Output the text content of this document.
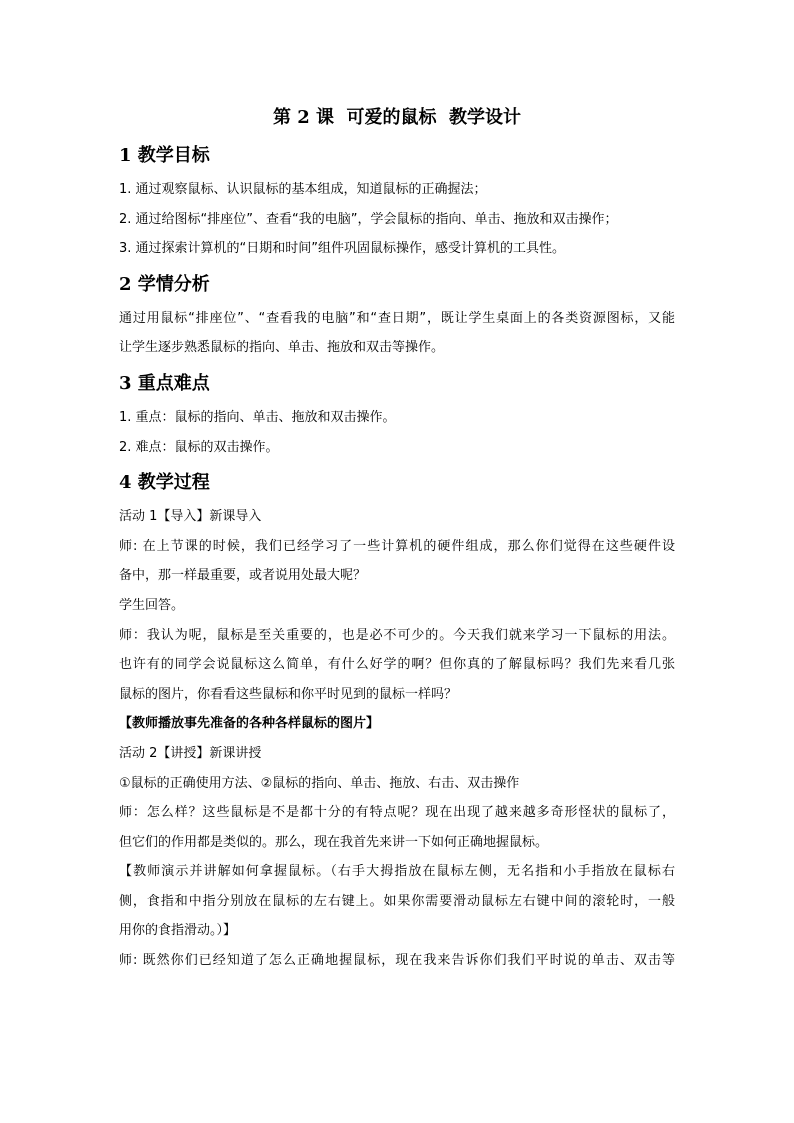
第 2 课  可爱的鼠标  教学设计
1 教学目标
1. 通过观察鼠标、认识鼠标的基本组成，知道鼠标的正确握法；
2. 通过给图标“排座位”、查看“我的电脑”，学会鼠标的指向、单击、拖放和双击操作；
3. 通过探索计算机的“日期和时间”组件巩固鼠标操作，感受计算机的工具性。
2 学情分析
通过用鼠标“排座位”、“查看我的电脑”和“查日期”，既让学生桌面上的各类资源图标，又能
让学生逐步熟悉鼠标的指向、单击、拖放和双击等操作。
3 重点难点
1. 重点：鼠标的指向、单击、拖放和双击操作。
2. 难点：鼠标的双击操作。
4 教学过程
活动 1【导入】新课导入
师: 在上节课的时候，我们已经学习了一些计算机的硬件组成，那么你们觉得在这些硬件设
备中，那一样最重要，或者说用处最大呢？
学生回答。
师：我认为呢，鼠标是至关重要的，也是必不可少的。今天我们就来学习一下鼠标的用法。
也许有的同学会说鼠标这么简单，有什么好学的啊？但你真的了解鼠标吗？我们先来看几张
鼠标的图片，你看看这些鼠标和你平时见到的鼠标一样吗？
【教师播放事先准备的各种各样鼠标的图片】
活动 2【讲授】新课讲授
①鼠标的正确使用方法、②鼠标的指向、单击、拖放、右击、双击操作
师：怎么样？这些鼠标是不是都十分的有特点呢？现在出现了越来越多奇形怪状的鼠标了，
但它们的作用都是类似的。那么，现在我首先来讲一下如何正确地握鼠标。
【教师演示并讲解如何拿握鼠标。（右手大拇指放在鼠标左侧，无名指和小手指放在鼠标右
侧，食指和中指分别放在鼠标的左右键上。如果你需要滑动鼠标左右键中间的滚轮时，一般
用你的食指滑动。）】
师: 既然你们已经知道了怎么正确地握鼠标，现在我来告诉你们我们平时说的单击、双击等
